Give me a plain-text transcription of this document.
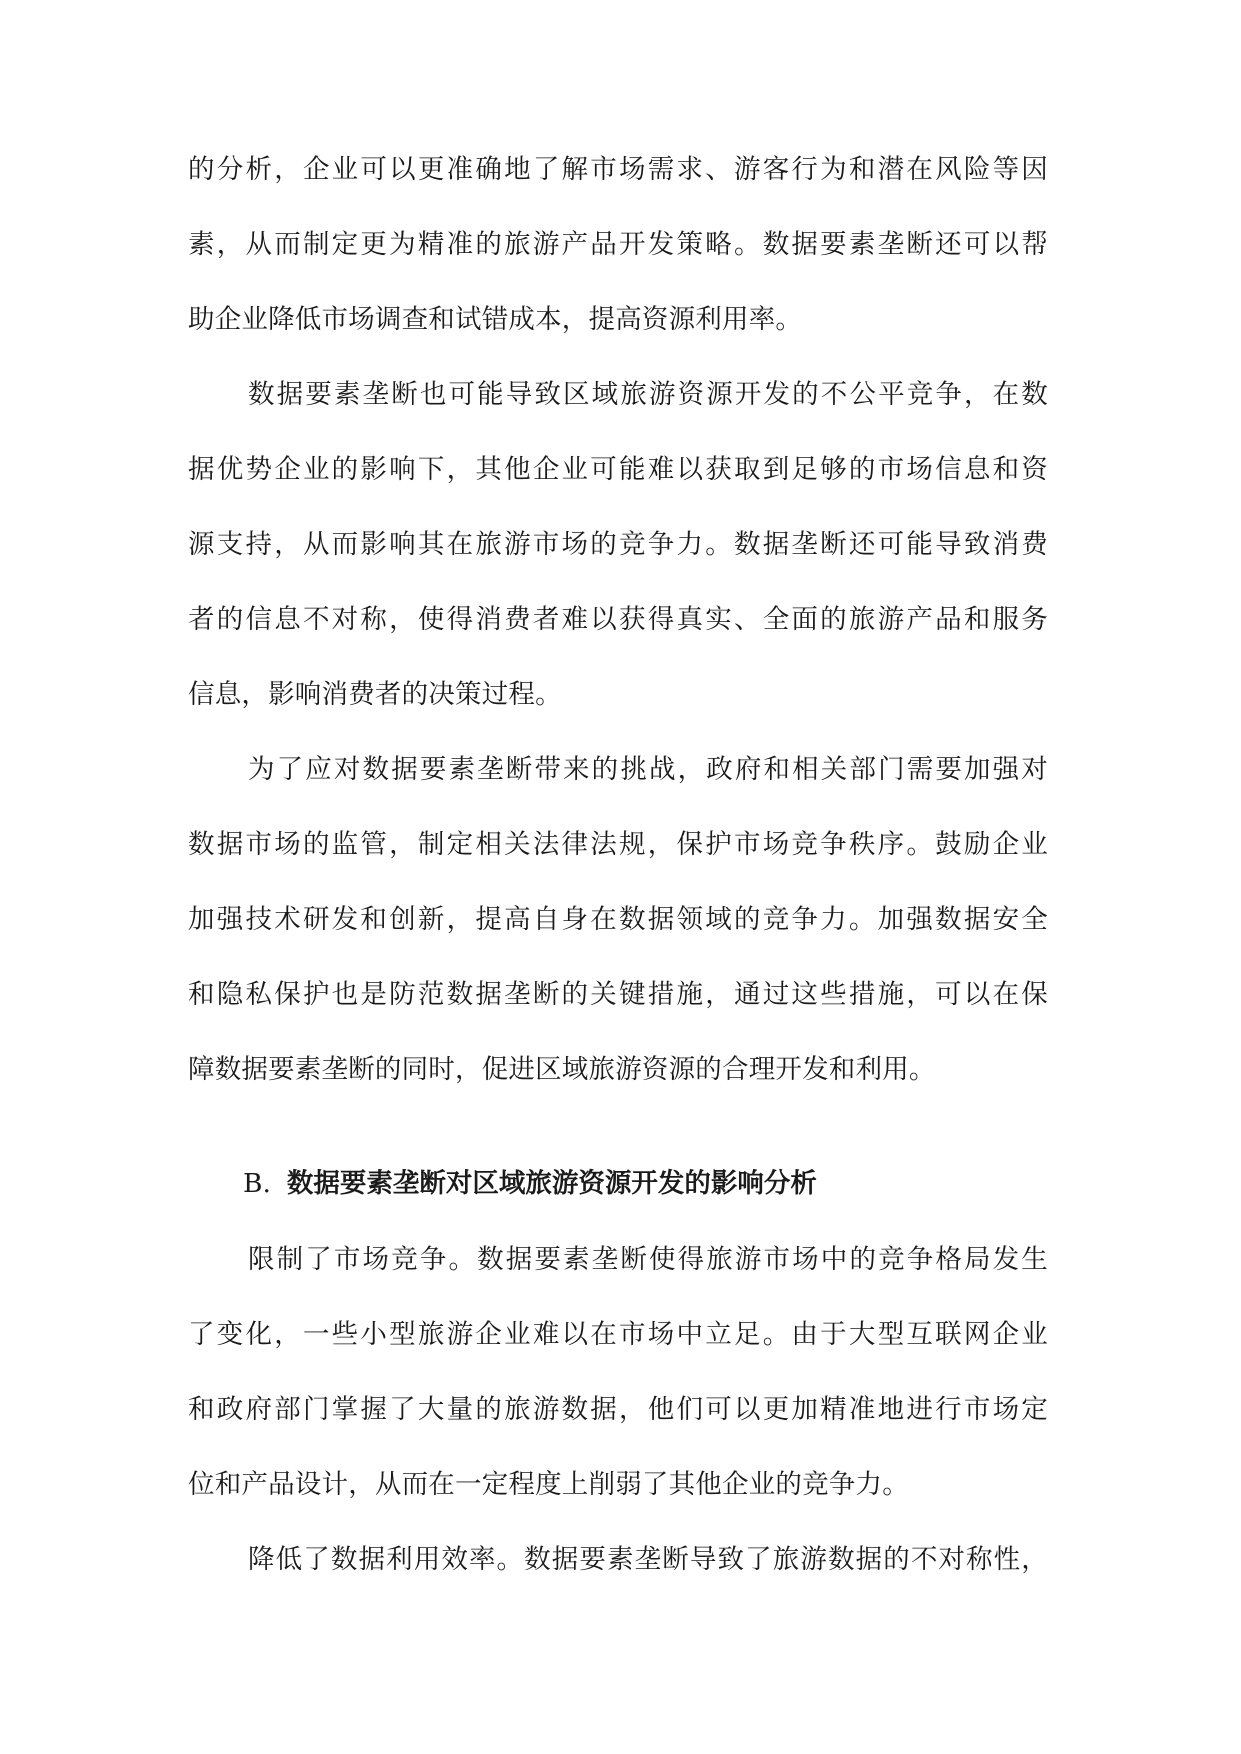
的分析，企业可以更准确地了解市场需求、游客行为和潜在风险等因
素，从而制定更为精准的旅游产品开发策略。数据要素垄断还可以帮
助企业降低市场调查和试错成本，提高资源利用率。
数据要素垄断也可能导致区域旅游资源开发的不公平竞争，在数
据优势企业的影响下，其他企业可能难以获取到足够的市场信息和资
源支持，从而影响其在旅游市场的竞争力。数据垄断还可能导致消费
者的信息不对称，使得消费者难以获得真实、全面的旅游产品和服务
信息，影响消费者的决策过程。
为了应对数据要素垄断带来的挑战，政府和相关部门需要加强对
数据市场的监管，制定相关法律法规，保护市场竞争秩序。鼓励企业
加强技术研发和创新，提高自身在数据领域的竞争力。加强数据安全
和隐私保护也是防范数据垄断的关键措施，通过这些措施，可以在保
障数据要素垄断的同时，促进区域旅游资源的合理开发和利用。
B. 数据要素垄断对区域旅游资源开发的影响分析
限制了市场竞争。数据要素垄断使得旅游市场中的竞争格局发生
了变化，一些小型旅游企业难以在市场中立足。由于大型互联网企业
和政府部门掌握了大量的旅游数据，他们可以更加精准地进行市场定
位和产品设计，从而在一定程度上削弱了其他企业的竞争力。
降低了数据利用效率。数据要素垄断导致了旅游数据的不对称性，
